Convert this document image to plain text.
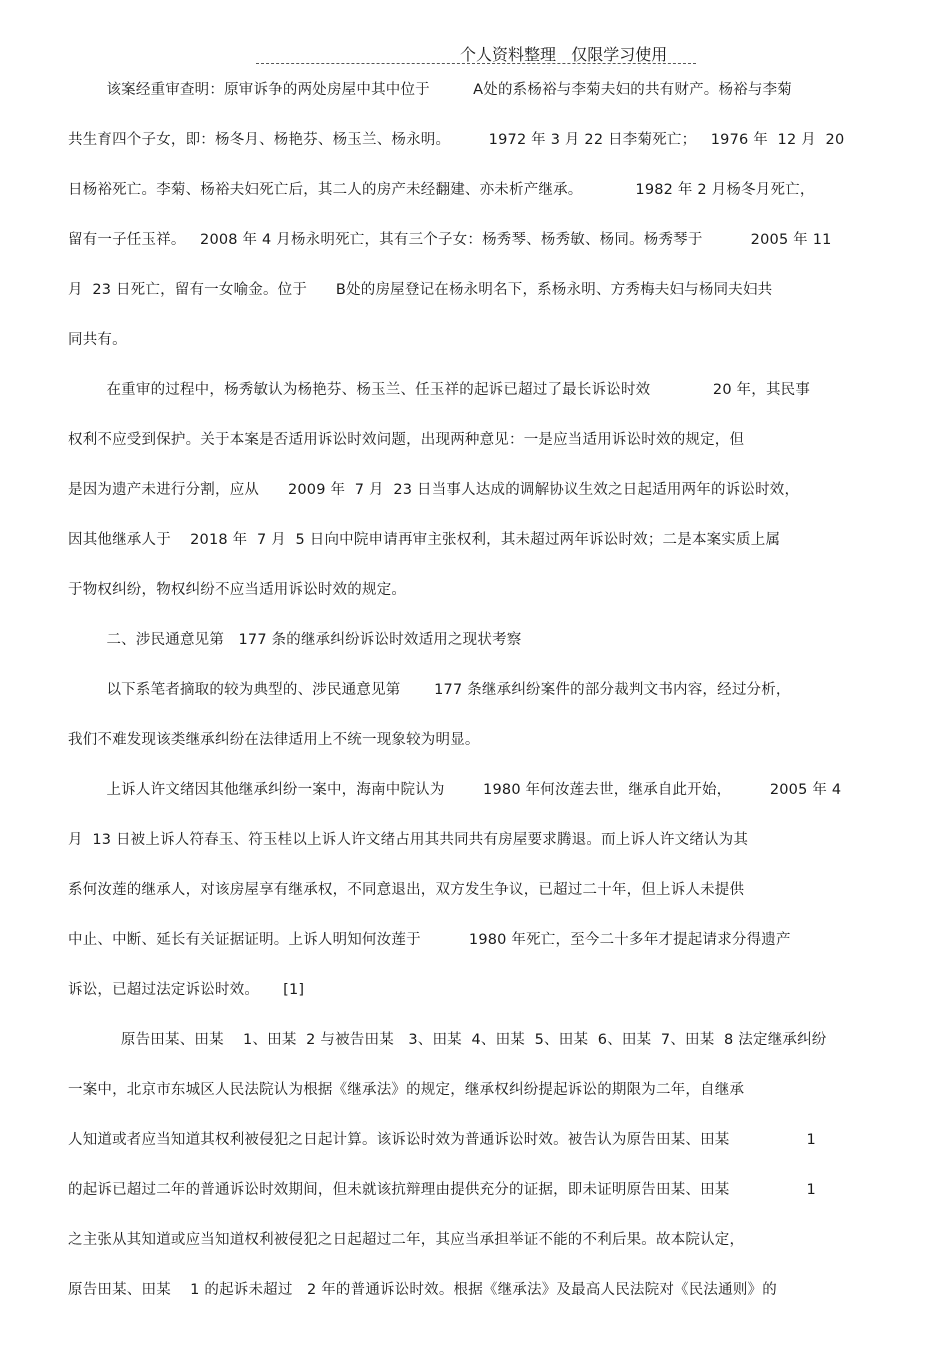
个人资料整理   仅限学习使用
该案经重审查明：原审诉争的两处房屋中其中位于         A处的系杨裕与李菊夫妇的共有财产。杨裕与李菊
共生育四个子女，即：杨冬月、杨艳芬、杨玉兰、杨永明。        1972 年 3 月 22 日李菊死亡；   1976 年  12 月  20
日杨裕死亡。李菊、杨裕夫妇死亡后，其二人的房产未经翻建、亦未析产继承。           1982 年 2 月杨冬月死亡，
留有一子任玉祥。   2008 年 4 月杨永明死亡，其有三个子女：杨秀琴、杨秀敏、杨同。杨秀琴于          2005 年 11
月  23 日死亡，留有一女喻金。位于      B处的房屋登记在杨永明名下，系杨永明、方秀梅夫妇与杨同夫妇共
同共有。
在重审的过程中，杨秀敏认为杨艳芬、杨玉兰、任玉祥的起诉已超过了最长诉讼时效             20 年，其民事
权利不应受到保护。关于本案是否适用诉讼时效问题，出现两种意见：一是应当适用诉讼时效的规定，但
是因为遗产未进行分割，应从      2009 年  7 月  23 日当事人达成的调解协议生效之日起适用两年的诉讼时效，
因其他继承人于    2018 年  7 月  5 日向中院申请再审主张权利，其未超过两年诉讼时效；二是本案实质上属
于物权纠纷，物权纠纷不应当适用诉讼时效的规定。
二、涉民通意见第   177 条的继承纠纷诉讼时效适用之现状考察
以下系笔者摘取的较为典型的、涉民通意见第       177 条继承纠纷案件的部分裁判文书内容，经过分析，
我们不难发现该类继承纠纷在法律适用上不统一现象较为明显。
上诉人许文绪因其他继承纠纷一案中，海南中院认为        1980 年何汝莲去世，继承自此开始，        2005 年 4
月  13 日被上诉人符春玉、符玉桂以上诉人许文绪占用其共同共有房屋要求腾退。而上诉人许文绪认为其
系何汝莲的继承人，对该房屋享有继承权，不同意退出，双方发生争议，已超过二十年，但上诉人未提供
中止、中断、延长有关证据证明。上诉人明知何汝莲于          1980 年死亡，至今二十多年才提起请求分得遗产
诉讼，已超过法定诉讼时效。     [1]
原告田某、田某    1、田某  2 与被告田某   3、田某  4、田某  5、田某  6、田某  7、田某  8 法定继承纠纷
一案中，北京市东城区人民法院认为根据《继承法》的规定，继承权纠纷提起诉讼的期限为二年，自继承
人知道或者应当知道其权利被侵犯之日起计算。该诉讼时效为普通诉讼时效。被告认为原告田某、田某                1
的起诉已超过二年的普通诉讼时效期间，但未就该抗辩理由提供充分的证据，即未证明原告田某、田某                1
之主张从其知道或应当知道权利被侵犯之日起超过二年，其应当承担举证不能的不利后果。故本院认定，
原告田某、田某    1 的起诉未超过   2 年的普通诉讼时效。根据《继承法》及最高人民法院对《民法通则》的
